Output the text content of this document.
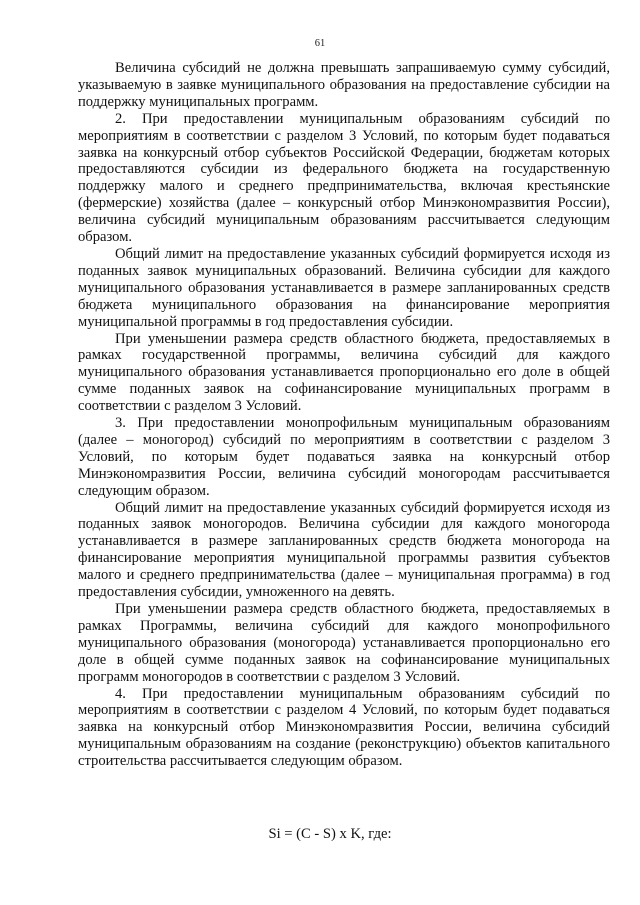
61

Величина субсидий не должна превышать запрашиваемую сумму субсидий, указываемую в заявке муниципального образования на предоставление субсидии на поддержку муниципальных программ.

2. При предоставлении муниципальным образованиям субсидий по мероприятиям в соответствии с разделом 3 Условий, по которым будет подаваться заявка на конкурсный отбор субъектов Российской Федерации, бюджетам которых предоставляются субсидии из федерального бюджета на государственную поддержку малого и среднего предпринимательства, включая крестьянские (фермерские) хозяйства (далее – конкурсный отбор Минэкономразвития России), величина субсидий муниципальным образованиям рассчитывается следующим образом.

Общий лимит на предоставление указанных субсидий формируется исходя из поданных заявок муниципальных образований. Величина субсидии для каждого муниципального образования устанавливается в размере запланированных средств бюджета муниципального образования на финансирование мероприятия муниципальной программы в год предоставления субсидии.

При уменьшении размера средств областного бюджета, предоставляемых в рамках государственной программы, величина субсидий для каждого муниципального образования устанавливается пропорционально его доле в общей сумме поданных заявок на софинансирование муниципальных программ в соответствии с разделом 3 Условий.

3. При предоставлении монопрофильным муниципальным образованиям (далее – моногород) субсидий по мероприятиям в соответствии с разделом 3 Условий, по которым будет подаваться заявка на конкурсный отбор Минэкономразвития России, величина субсидий моногородам рассчитывается следующим образом.

Общий лимит на предоставление указанных субсидий формируется исходя из поданных заявок моногородов. Величина субсидии для каждого моногорода устанавливается в размере запланированных средств бюджета моногорода на финансирование мероприятия муниципальной программы развития субъектов малого и среднего предпринимательства (далее – муниципальная программа) в год предоставления субсидии, умноженного на девять.

При уменьшении размера средств областного бюджета, предоставляемых в рамках Программы, величина субсидий для каждого монопрофильного муниципального образования (моногорода) устанавливается пропорционально его доле в общей сумме поданных заявок на софинансирование муниципальных программ моногородов в соответствии с разделом 3 Условий.

4. При предоставлении муниципальным образованиям субсидий по мероприятиям в соответствии с разделом 4 Условий, по которым будет подаваться заявка на конкурсный отбор Минэкономразвития России, величина субсидий муниципальным образованиям на создание (реконструкцию) объектов капитального строительства рассчитывается следующим образом.

Si = (C - S) x K, где:
